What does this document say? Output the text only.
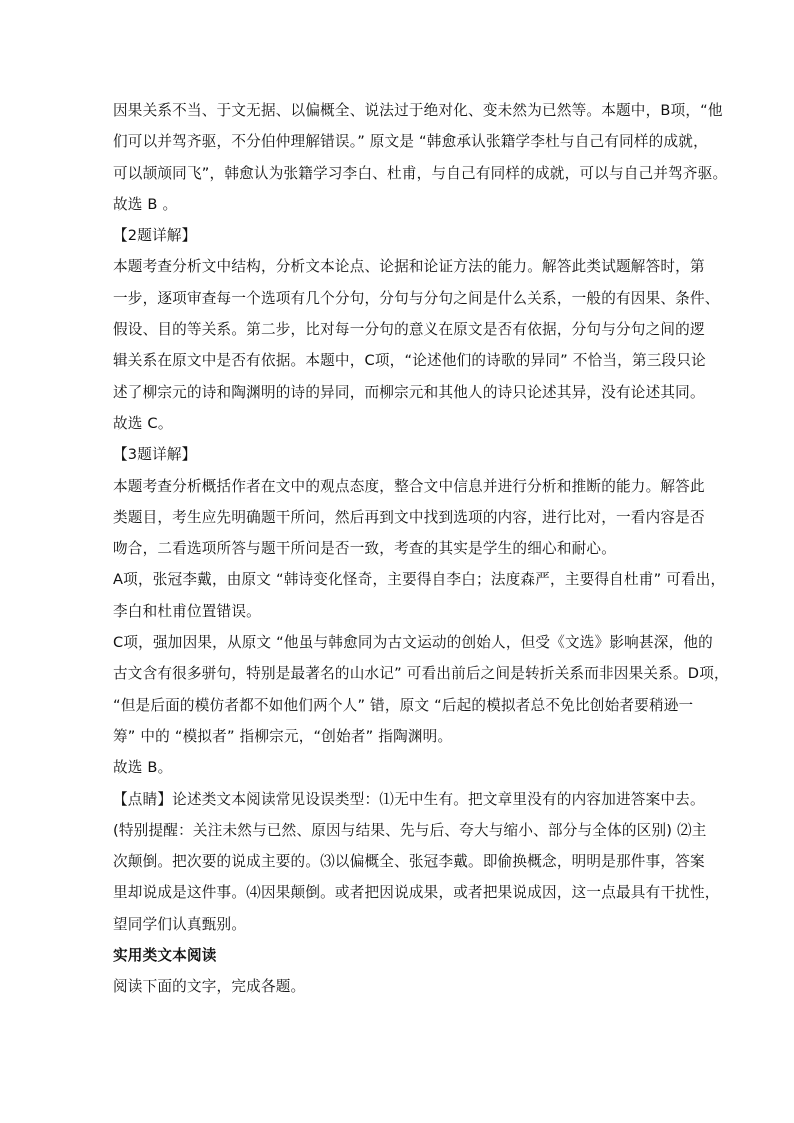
因果关系不当、于文无据、以偏概全、说法过于绝对化、变未然为已然等。本题中，B项，“他
们可以并驾齐驱，不分伯仲理解错误。” 原文是 “韩愈承认张籍学李杜与自己有同样的成就，
可以颉颃同飞”，韩愈认为张籍学习李白、杜甫，与自己有同样的成就，可以与自己并驾齐驱。
故选 B 。
【2题详解】
本题考查分析文中结构，分析文本论点、论据和论证方法的能力。解答此类试题解答时，第
一步，逐项审查每一个选项有几个分句，分句与分句之间是什么关系，一般的有因果、条件、
假设、目的等关系。第二步，比对每一分句的意义在原文是否有依据，分句与分句之间的逻
辑关系在原文中是否有依据。本题中，C项，“论述他们的诗歌的异同” 不恰当，第三段只论
述了柳宗元的诗和陶渊明的诗的异同，而柳宗元和其他人的诗只论述其异，没有论述其同。
故选 C。
【3题详解】
本题考查分析概括作者在文中的观点态度，整合文中信息并进行分析和推断的能力。解答此
类题目，考生应先明确题干所问，然后再到文中找到选项的内容，进行比对，一看内容是否
吻合，二看选项所答与题干所问是否一致，考查的其实是学生的细心和耐心。
A项，张冠李戴，由原文 “韩诗变化怪奇，主要得自李白；法度森严，主要得自杜甫” 可看出，
李白和杜甫位置错误。
C项，强加因果，从原文 “他虽与韩愈同为古文运动的创始人，但受《文选》影响甚深，他的
古文含有很多骈句，特别是最著名的山水记” 可看出前后之间是转折关系而非因果关系。D项，
“但是后面的模仿者都不如他们两个人” 错，原文 “后起的模拟者总不免比创始者要稍逊一
筹” 中的 “模拟者” 指柳宗元，“创始者” 指陶渊明。
故选 B。
【点睛】论述类文本阅读常见设误类型：⑴无中生有。把文章里没有的内容加进答案中去。
(特别提醒：关注未然与已然、原因与结果、先与后、夸大与缩小、部分与全体的区别) ⑵主
次颠倒。把次要的说成主要的。⑶以偏概全、张冠李戴。即偷换概念，明明是那件事，答案
里却说成是这件事。⑷因果颠倒。或者把因说成果，或者把果说成因，这一点最具有干扰性，
望同学们认真甄别。
实用类文本阅读
阅读下面的文字，完成各题。
